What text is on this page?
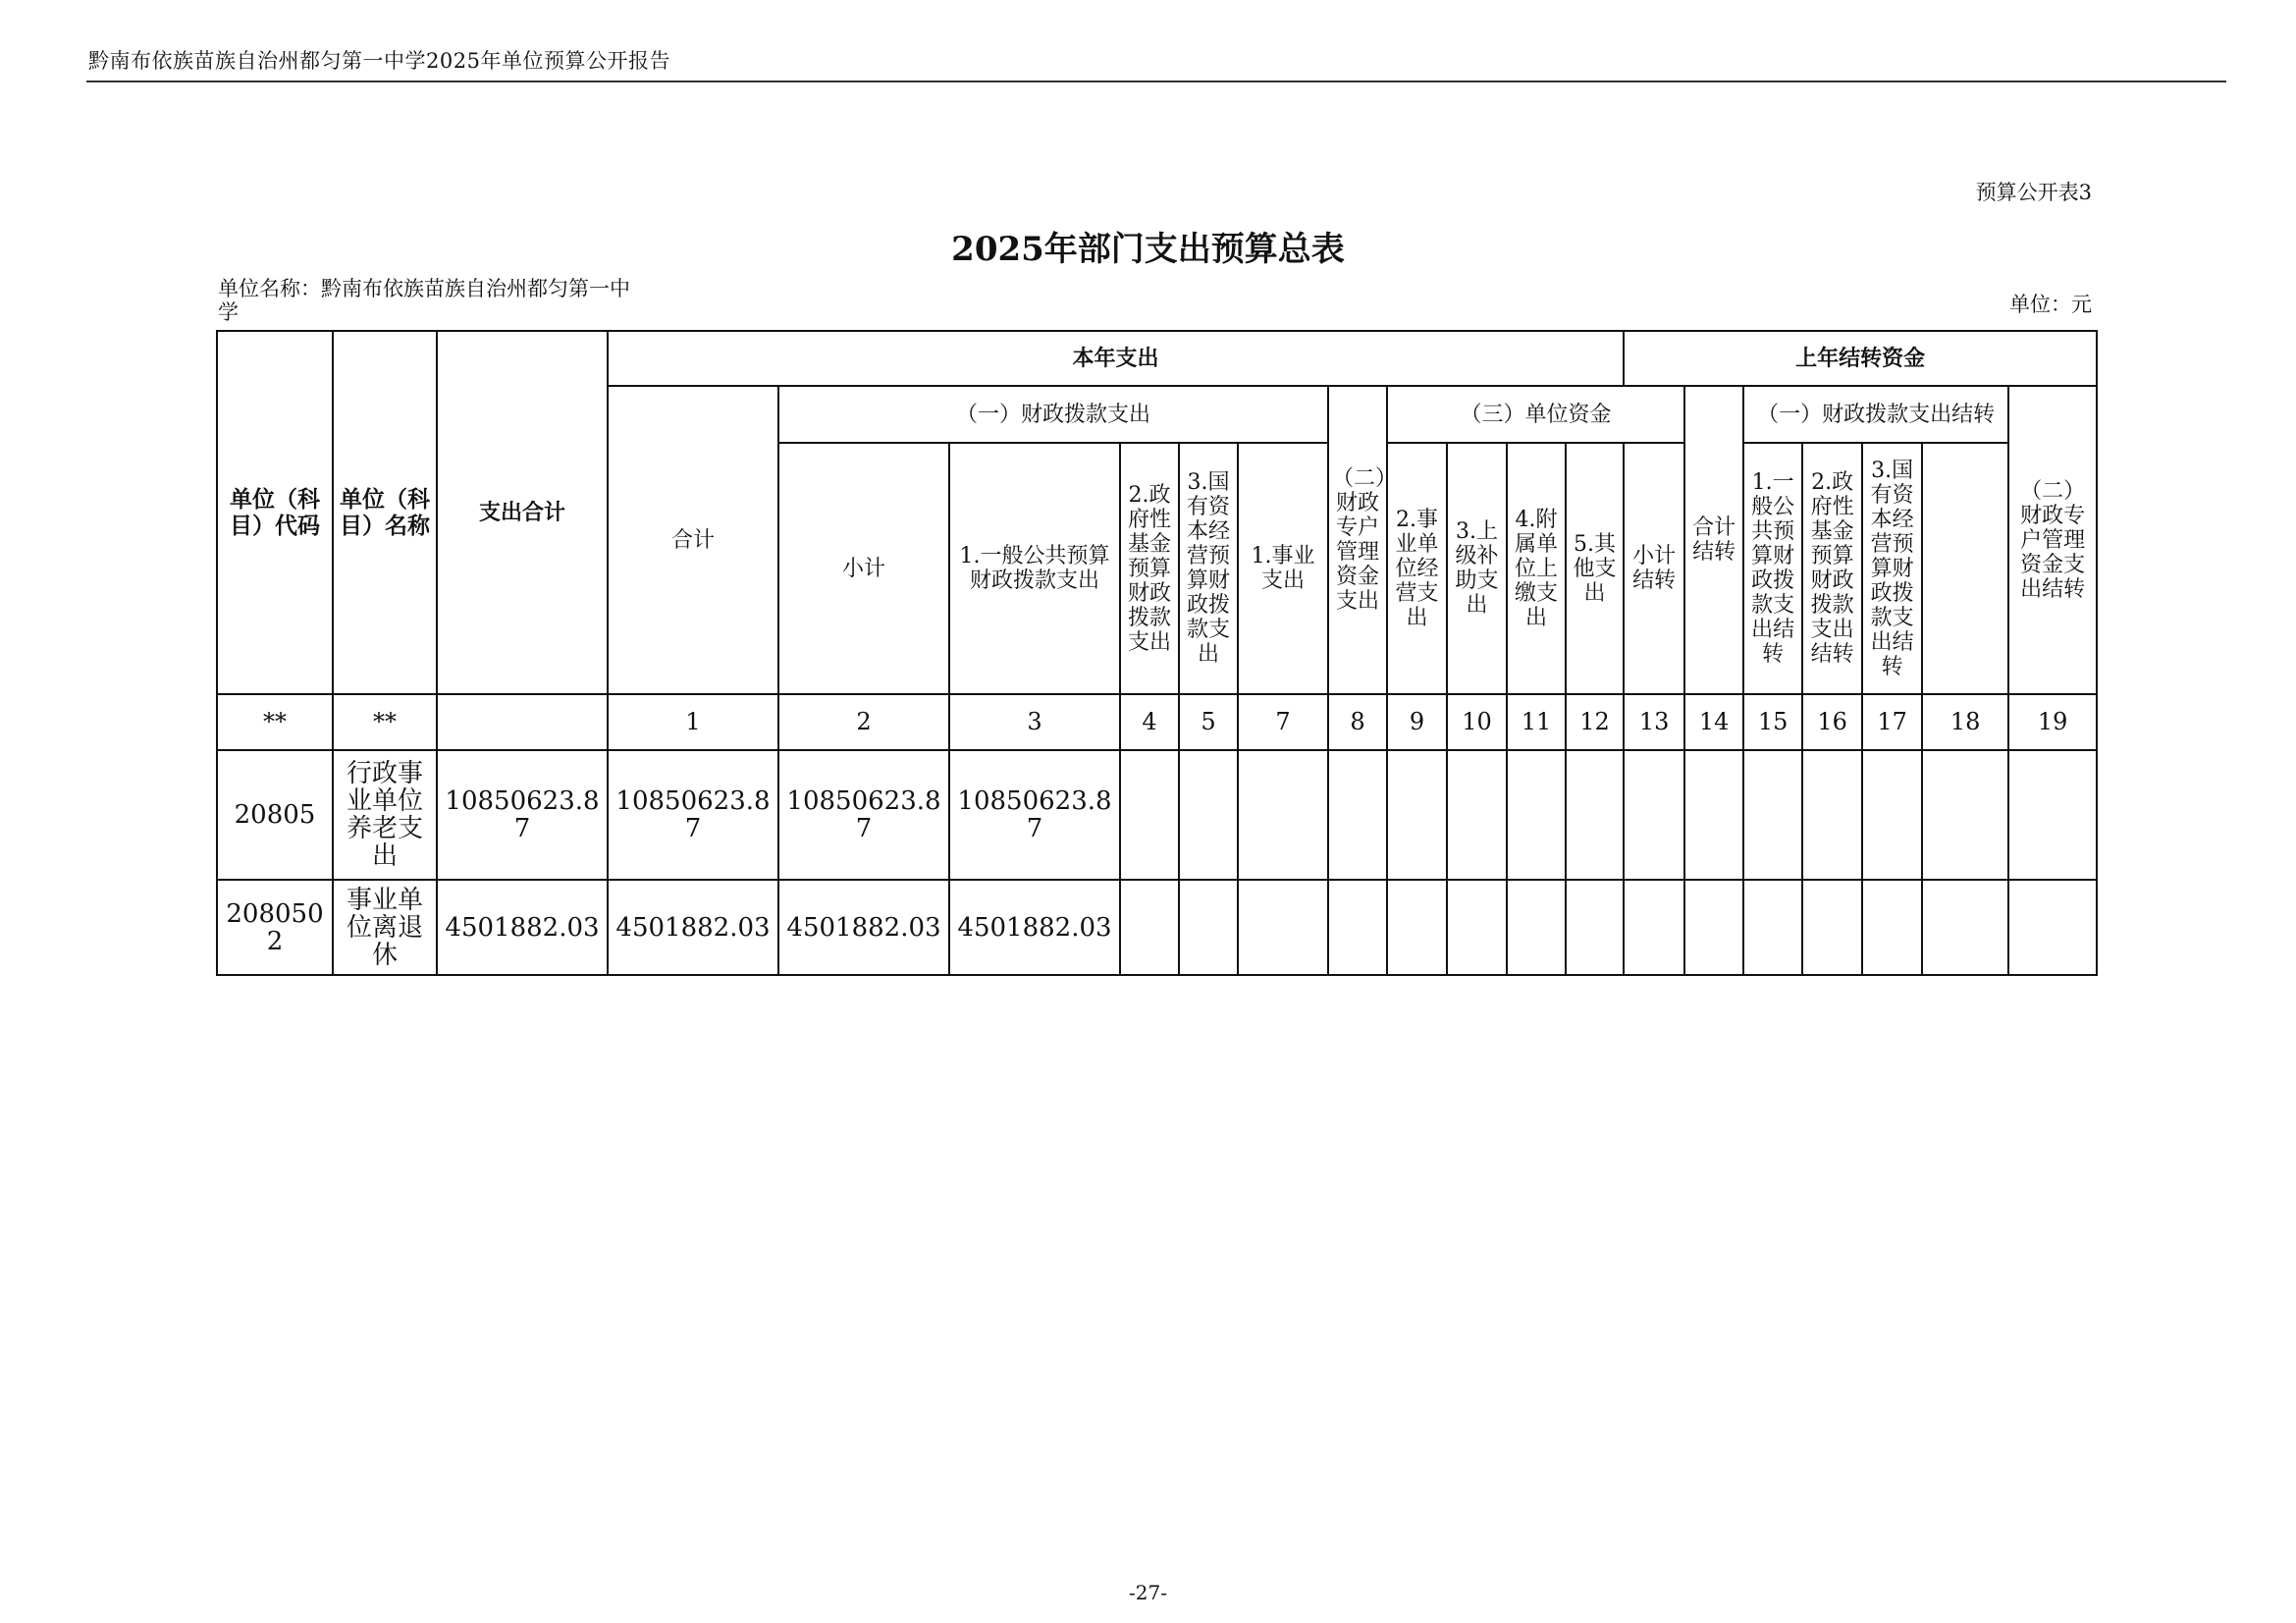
黔南布依族苗族自治州都匀第一中学2025年单位预算公开报告
预算公开表3
2025年部门支出预算总表
单位名称：黔南布依族苗族自治州都匀第一中学	单位：元
单位（科目）代码	单位（科目）名称	支出合计	本年支出											上年结转资金							
			合计	（一）财政拨款支出					（二）财政专户管理资金支出	（三）单位资金					合计结转	（一）财政拨款支出结转				（二）财政专户管理资金支出结转	
				小计	1.一般公共预算财政拨款支出	2.政府性基金预算财政拨款支出	3.国有资本经营预算财政拨款支出	1.事业支出		2.事业单位经营支出	3.上级补助支出	4.附属单位上缴支出	5.其他支出	小计结转		1.一般公共预算财政拨款支出结转	2.政府性基金预算财政拨款支出结转	3.国有资本经营预算财政拨款支出结转			
**	**		1	2	3	4	5	7	8	9	10	11	12	13	14	15	16	17	18	19	
20805	行政事业单位养老支出	10850623.87	10850623.87	10850623.87	10850623.87																
2080502	事业单位离退休	4501882.03	4501882.03	4501882.03	4501882.03																
-27-
